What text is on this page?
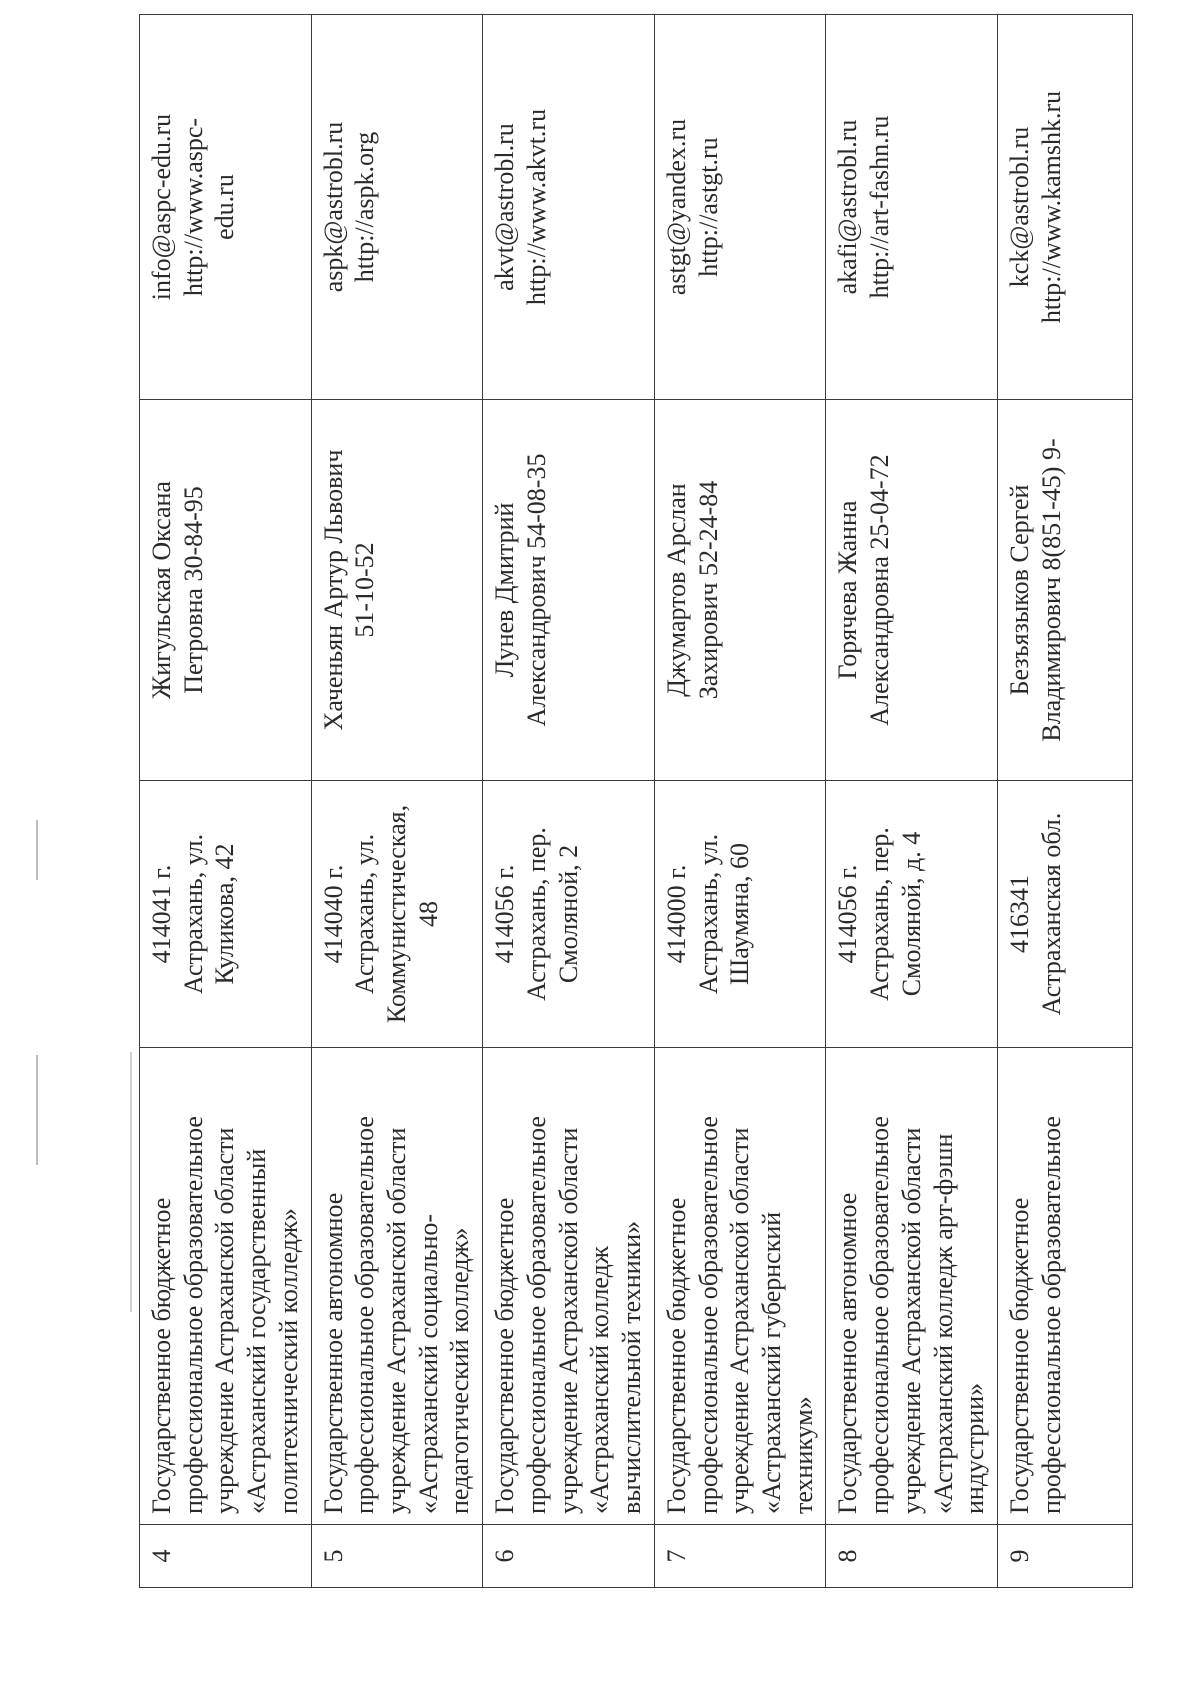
4	Государственное бюджетное профессиональное образовательное учреждение Астраханской области «Астраханский государственный политехнический колледж»	414041 г. Астрахань, ул. Куликова, 42	Жигульская Оксана Петровна 30-84-95	info@aspc-edu.ru http://www.aspc- edu.ru

5	Государственное автономное профессиональное образовательное учреждение Астраханской области «Астраханский социально- педагогический колледж»	414040 г. Астрахань, ул. Коммунистическая, 48	Хаченьян Артур Львович 51-10-52	aspk@astrobl.ru http://aspk.org

6	Государственное бюджетное профессиональное образовательное учреждение Астраханской области «Астраханский колледж вычислительной техники»	414056 г. Астрахань, пер. Смоляной, 2	Лунев Дмитрий Александрович 54-08-35	akvt@astrobl.ru http://www.akvt.ru

7	Государственное бюджетное профессиональное образовательное учреждение Астраханской области «Астраханский губернский техникум»	414000 г. Астрахань, ул. Шаумяна, 60	Джумартов Арслан Захирович 52-24-84	astgt@yandex.ru http://astgt.ru

8	Государственное автономное профессиональное образовательное учреждение Астраханской области «Астраханский колледж арт-фэшн индустрии»	414056 г. Астрахань, пер. Смоляной, д. 4	Горячева Жанна Александровна 25-04-72	akafi@astrobl.ru http://art-fashn.ru

9	Государственное бюджетное профессиональное образовательное	416341 Астраханская обл.	Безъязыков Сергей Владимирович 8(851-45) 9-	kck@astrobl.ru http://www.kamshk.ru
